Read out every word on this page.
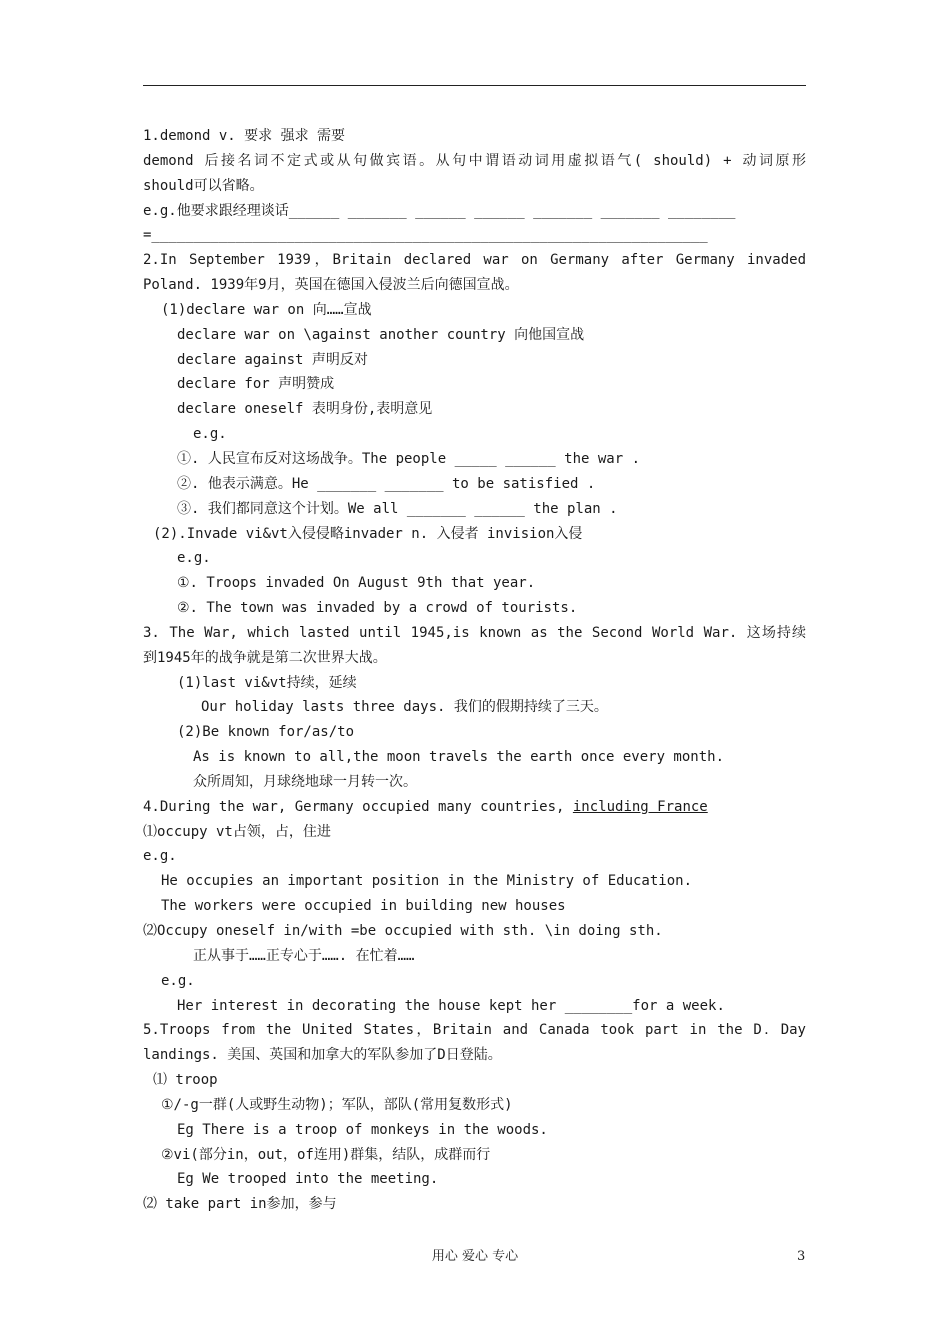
1.demond v. 要求 强求 需要
demond 后接名词不定式或从句做宾语。从句中谓语动词用虚拟语气( should) + 动词原形
should可以省略。
e.g.他要求跟经理谈话______ _______ ______ ______ _______ _______ ________
=__________________________________________________________________
2.In September 1939，Britain declared war on Germany after Germany invaded
Poland. 1939年9月，英国在德国入侵波兰后向德国宣战。
(1)declare war on 向……宣战
declare war on \against another country 向他国宣战
declare against 声明反对
declare for 声明赞成
declare oneself 表明身份,表明意见
e.g.
①. 人民宣布反对这场战争。The people _____ ______ the war .
②. 他表示满意。He _______ _______ to be satisfied .
③. 我们都同意这个计划。We all _______ ______ the plan .
(2).Invade vi&vt入侵侵略invader n. 入侵者 invision入侵
e.g.
①. Troops invaded On August 9th that year.
②. The town was invaded by a crowd of tourists.
3. The War, which lasted until 1945,is known as the Second World War. 这场持续
到1945年的战争就是第二次世界大战。
(1)last vi&vt持续，延续
Our holiday lasts three days. 我们的假期持续了三天。
(2)Be known for/as/to
As is known to all,the moon travels the earth once every month.
众所周知，月球绕地球一月转一次。
4.During the war, Germany occupied many countries, including France
⑴occupy vt占领，占，住进
e.g.
He occupies an important position in the Ministry of Education.
The workers were occupied in building new houses
⑵Occupy oneself in/with =be occupied with sth. \in doing sth.
正从事于……正专心于……. 在忙着……
e.g.
Her interest in decorating the house kept her ________for a week.
5.Troops from the United States，Britain and Canada took part in the D．Day
landings. 美国、英国和加拿大的军队参加了D日登陆。
⑴ troop
①/-g一群(人或野生动物)；军队，部队(常用复数形式)
Eg There is a troop of monkeys in the woods.
②vi(部分in，out，of连用)群集，结队，成群而行
Eg We trooped into the meeting.
⑵ take part in参加，参与
用心 爱心 专心	3
